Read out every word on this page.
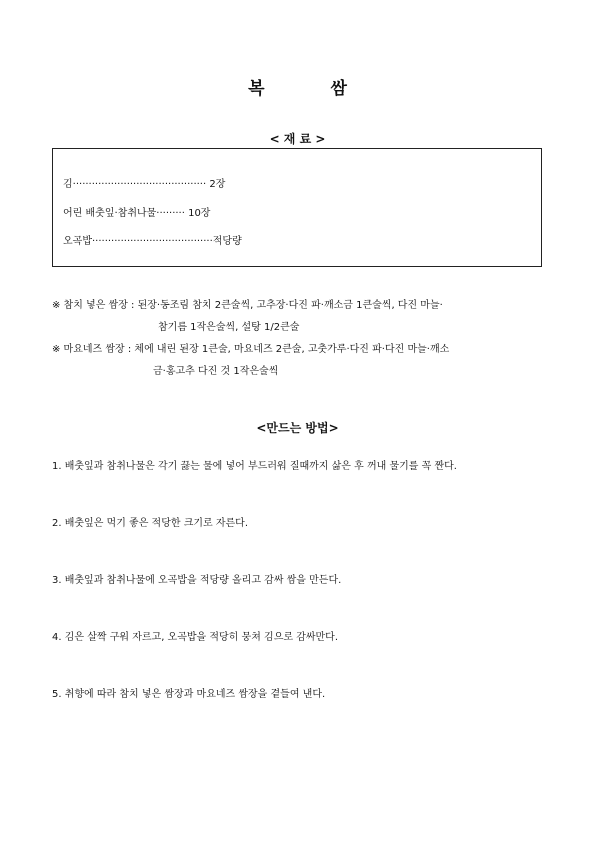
복	쌈
< 재 료 >
김·········································· 2장
어린 배춧잎·참취나물········· 10장
오곡밥······································적당량
※ 참치 넣은 쌈장 : 된장·동조림 참치 2큰술씩, 고추장·다진 파·깨소금 1큰술씩, 다진 마늘·
참기름 1작은술씩, 설탕 1/2큰술
※ 마요네즈 쌈장 : 체에 내린 된장 1큰술, 마요네즈 2큰술, 고춧가루·다진 파·다진 마늘·깨소
금·홍고추 다진 것 1작은술씩
<만드는 방법>
1. 배춧잎과 참취나물은 각기 끓는 물에 넣어 부드러워 질때까지 삶은 후 꺼내 물기를 꼭 짠다.
2. 배춧잎은 먹기 좋은 적당한 크기로 자른다.
3. 배춧잎과 참취나물에 오곡밥을 적당량 올리고 감싸 쌈을 만든다.
4. 김은 살짝 구워 자르고, 오곡밥을 적당히 뭉쳐 김으로 감싸만다.
5. 취향에 따라 참치 넣은 쌈장과 마요네즈 쌈장을 곁들여 낸다.
